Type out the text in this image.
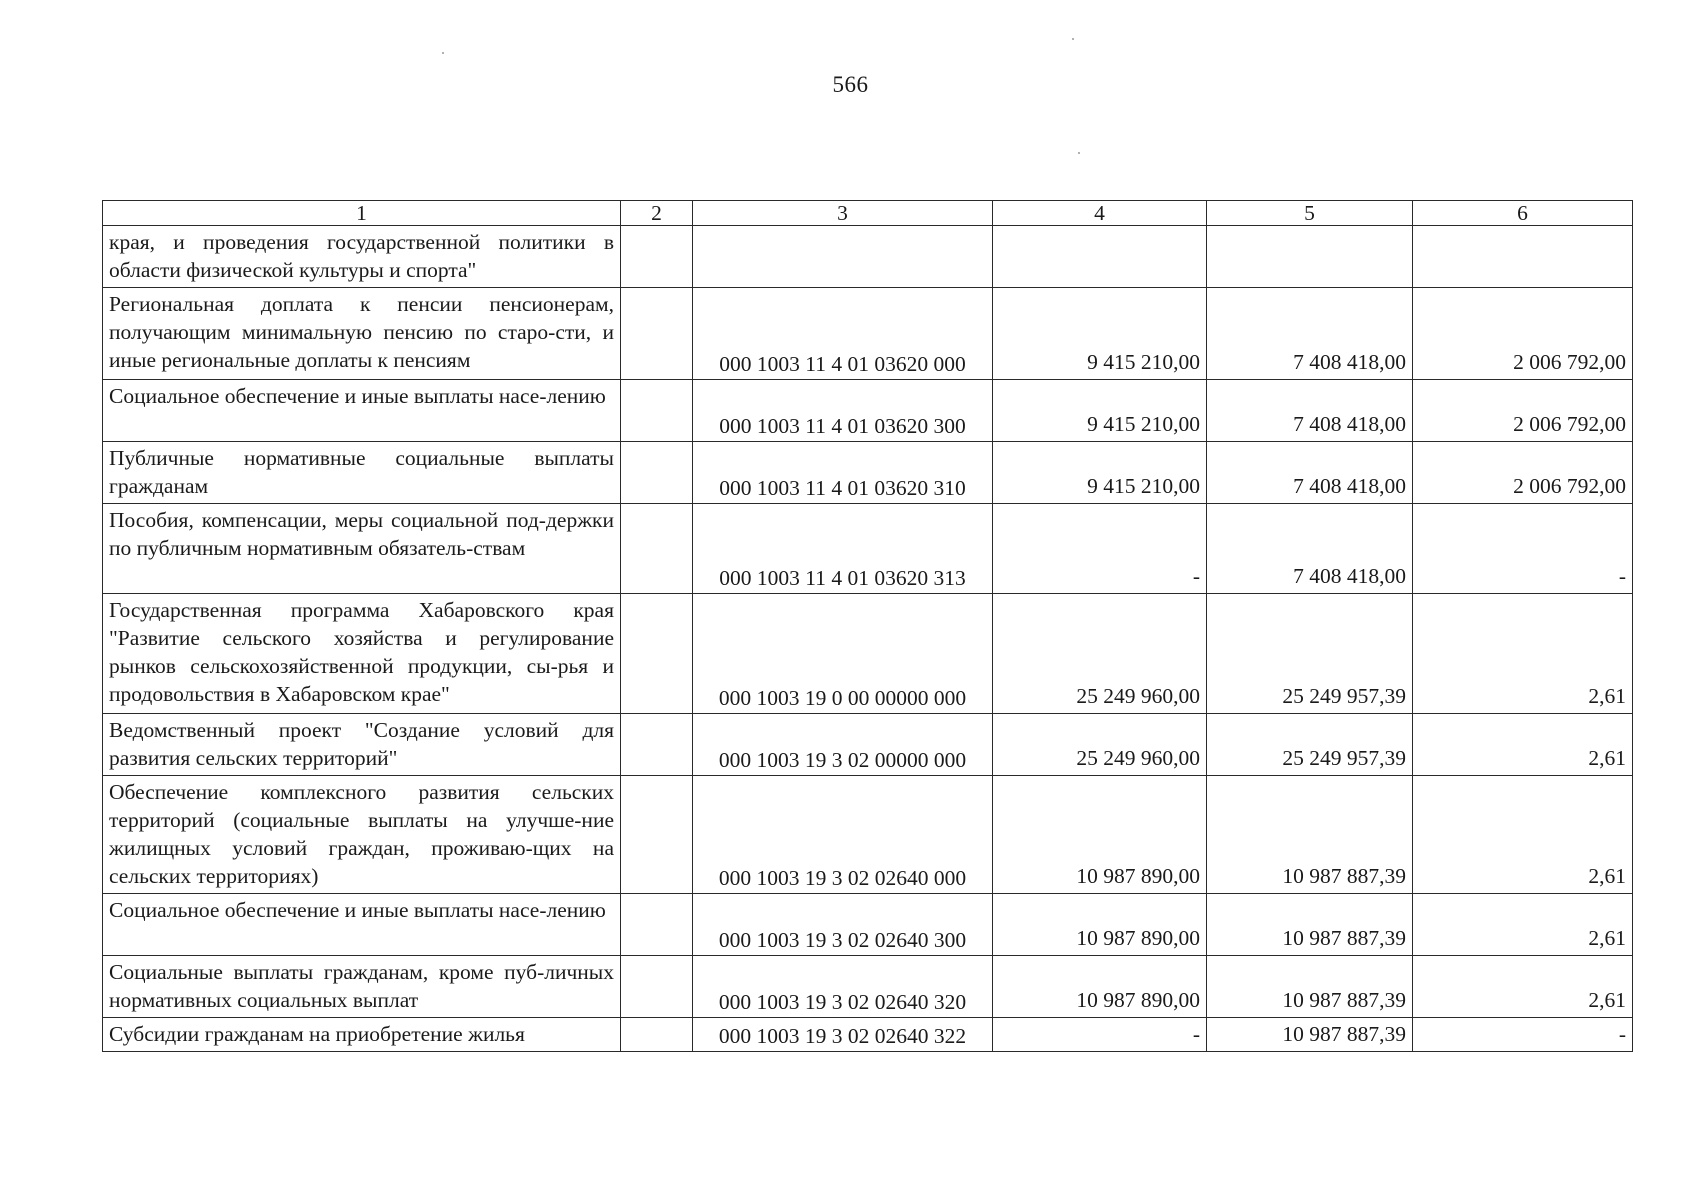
566
1	2	3	4	5	6
края, и проведения государственной политики в области физической культуры и спорта"					
Региональная доплата к пенсии пенсионерам, получающим минимальную пенсию по старо-сти, и иные региональные доплаты к пенсиям		000 1003 11 4 01 03620 000	9 415 210,00	7 408 418,00	2 006 792,00
Социальное обеспечение и иные выплаты насе-лению		000 1003 11 4 01 03620 300	9 415 210,00	7 408 418,00	2 006 792,00
Публичные нормативные социальные выплаты гражданам		000 1003 11 4 01 03620 310	9 415 210,00	7 408 418,00	2 006 792,00
Пособия, компенсации, меры социальной под-держки по публичным нормативным обязатель-ствам		000 1003 11 4 01 03620 313	-	7 408 418,00	-
Государственная программа Хабаровского края "Развитие сельского хозяйства и регулирование рынков сельскохозяйственной продукции, сы-рья и продовольствия в Хабаровском крае"		000 1003 19 0 00 00000 000	25 249 960,00	25 249 957,39	2,61
Ведомственный проект "Создание условий для развития сельских территорий"		000 1003 19 3 02 00000 000	25 249 960,00	25 249 957,39	2,61
Обеспечение комплексного развития сельских территорий (социальные выплаты на улучше-ние жилищных условий граждан, проживаю-щих на сельских территориях)		000 1003 19 3 02 02640 000	10 987 890,00	10 987 887,39	2,61
Социальное обеспечение и иные выплаты насе-лению		000 1003 19 3 02 02640 300	10 987 890,00	10 987 887,39	2,61
Социальные выплаты гражданам, кроме пуб-личных нормативных социальных выплат		000 1003 19 3 02 02640 320	10 987 890,00	10 987 887,39	2,61
Субсидии гражданам на приобретение жилья		000 1003 19 3 02 02640 322	-	10 987 887,39	-
